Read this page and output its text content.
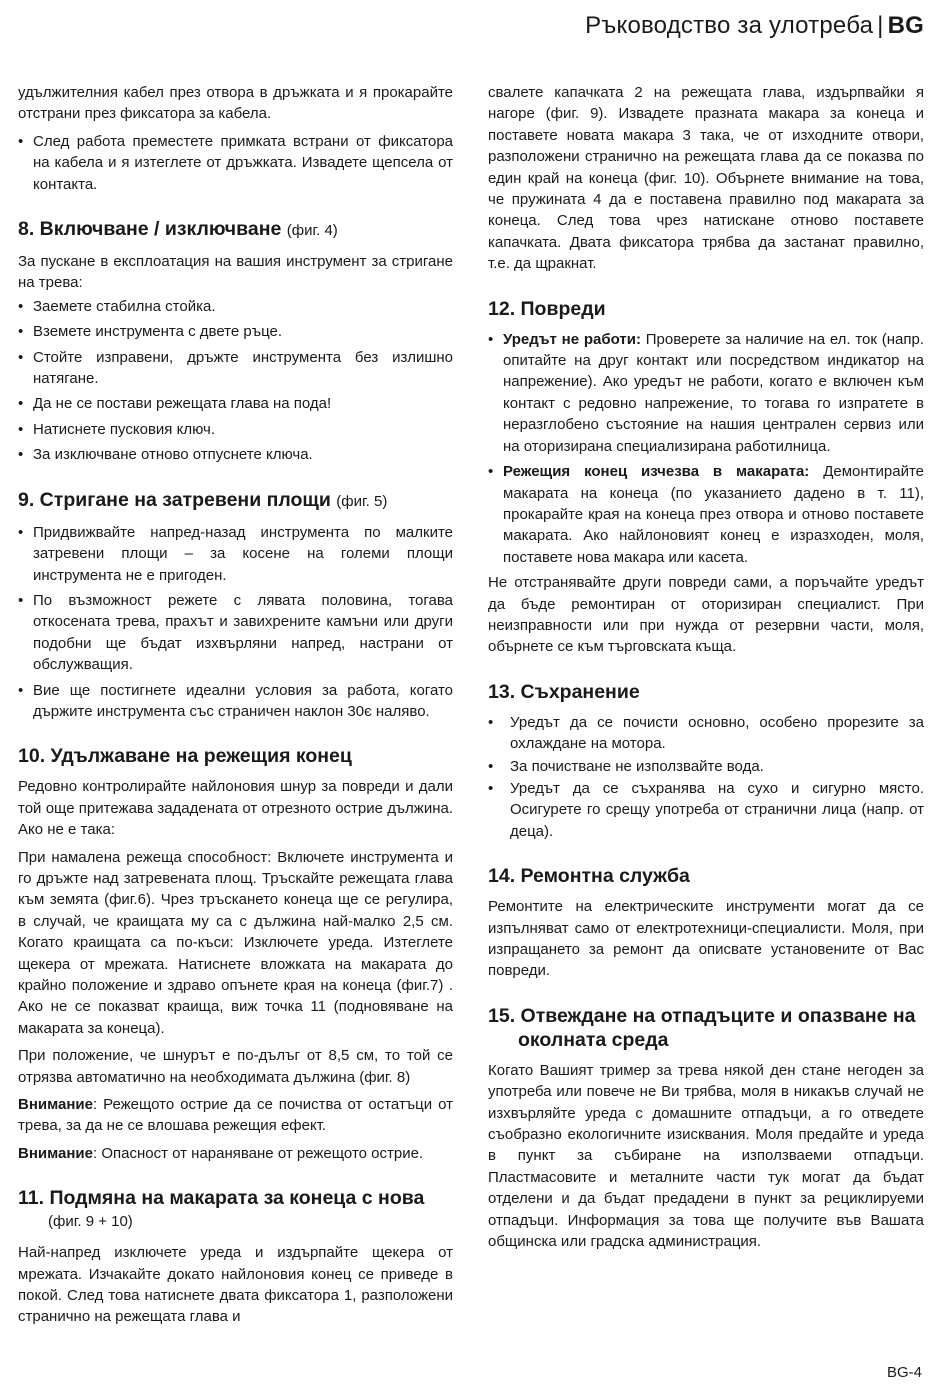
Ръководство за улотреба | BG

удължителния кабел през отвора в дръжката и я прокарайте отстрани през фиксатора за кабела.

• След работа преместете примката встрани от фиксатора на кабела и я изтеглете от дръжката. Извадете щепсела от контакта.
8. Включване / изключване (фиг. 4)

За пускане в експлоатация на вашия инструмент за стригане на трева:

• Заемете стабилна стойка.
• Вземете инструмента с двете ръце.
• Стойте изправени, дръжте инструмента без излишно натягане.
• Да не се постави режещата глава на пода!
• Натиснете пусковия ключ.
• За изключване отново отпуснете ключа.
9. Стригане на затревени площи (фиг. 5)
• Придвижвайте напред-назад инструмента по малките затревени площи – за косене на големи площи инструмента не е пригоден.
• По възможност режете с лявата половина, тогава откосената трева, прахът и завихрените камъни или други подобни ще бъдат изхвърляни напред, настрани от обслужващия.
• Вие ще постигнете идеални условия за работа, когато държите инструмента със страничен наклон 30є наляво.
10. Удължаване на режещия конец

Редовно контролирайте найлоновия шнур за повреди и дали той още притежава зададената от отрезното острие дължина. Ако не е така:

При намалена режеща способност: Включете инструмента и го дръжте над затревената площ. Тръскайте режещата глава към земята (фиг.6). Чрез тръскането конеца ще се регулира, в случай, че краищата му са с дължина най-малко 2,5 см. Когато краищата са по-къси: Изключете уреда. Изтеглете щекера от мрежата. Натиснете вложката на макарата до крайно положение и здраво опънете края на конеца (фиг.7) . Ако не се показват краища, виж точка 11 (подновяване на макарата за конеца).

При положение, че шнурът е по-дълъг от 8,5 см, то той се отрязва автоматично на необходимата дължина (фиг. 8)

Внимание: Режещото острие да се почиства от остатъци от трева, за да не се влошава режещия ефект.

Внимание: Опасност от нараняване от режещото острие.

11. Подмяна на макарата за конеца с нова
(фиг. 9 + 10)

Най-напред изключете уреда и издърпайте щекера от мрежата. Изчакайте докато найлоновия конец се приведе в покой. След това натиснете двата фиксатора 1, разположени странично на режещата глава и

свалете капачката 2 на режещата глава, издърпвайки я нагоре (фиг. 9). Извадете празната макара за конеца и поставете новата макара 3 така, че от изходните отвори, разположени странично на режещата глава да се показва по един край на конеца (фиг. 10). Обърнете внимание на това, че пружината 4 да е поставена правилно под макарата за конеца. След това чрез натискане отново поставете капачката. Двата фиксатора трябва да застанат правилно, т.е. да щракнат.

12. Повреди
• Уредът не работи: Проверете за наличие на ел. ток (напр. опитайте на друг контакт или посредством индикатор на напрежение). Ако уредът не работи, когато е включен към контакт с редовно напрежение, то тогава го изпратете в неразглобено състояние на нашия централен сервиз или на оторизирана специализирана работилница.
• Режещия конец изчезва в макарата: Демонтирайте макарата на конеца (по указанието дадено в т. 11), прокарайте края на конеца през отвора и отново поставете макарата. Ако найлоновият конец е изразходен, моля, поставете нова макара или касета.

Не отстранявайте други повреди сами, а поръчайте уредът да бъде ремонтиран от оторизиран специалист. При неизправности или при нужда от резервни части, моля, обърнете се към търговската къща.

13. Съхранение
• Уредът да се почисти основно, особено прорезите за охлаждане на мотора.
• За почистване не използвайте вода.
• Уредът да се съхранява на сухо и сигурно място. Осигурете го срещу употреба от странични лица (напр. от деца).
14. Ремонтна служба

Ремонтите на електрическите инструменти могат да се изпълняват само от електротехници-специалисти. Моля, при изпращането за ремонт да описвате установените от Вас повреди.

15. Отвеждане на отпадъците и опазване на
околната среда

Когато Вашият тример за трева някой ден стане негоден за употреба или повече не Ви трябва, моля в никакъв случай не изхвърляйте уреда с домашните отпадъци, а го отведете съобразно екологичните изисквания. Моля предайте и уреда в пункт за събиране на използваеми отпадъци. Пластмасовите и металните части тук могат да бъдат отделени и да бъдат предадени в пункт за рециклируеми отпадъци. Информация за това ще получите във Вашата общинска или градска администрация.

BG-4
